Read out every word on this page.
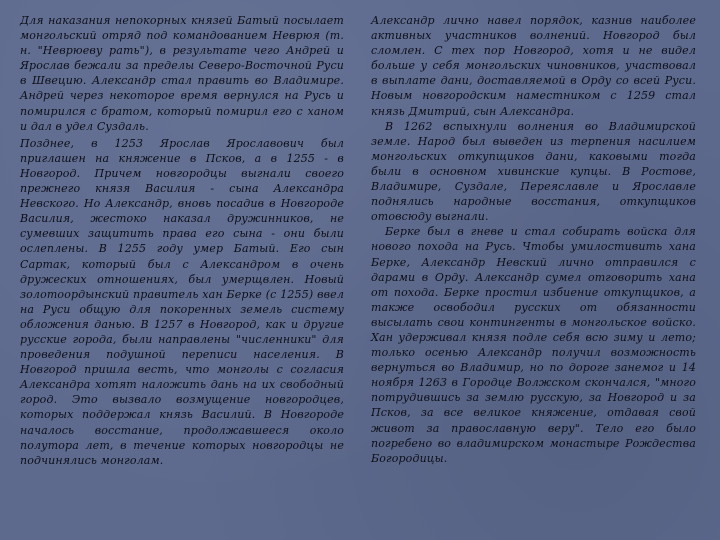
Для наказания непокорных князей Батый посылает монгольский отряд под командованием Неврюя (т. н. "Неврюеву рать"), в результате чего Андрей и Ярослав бежали за пределы Северо-Восточной Руси в Швецию. Александр стал править во Владимире. Андрей через некоторое время вернулся на Русь и помирился с братом, который помирил его с ханом и дал в удел Суздаль.

Позднее, в 1253 Ярослав Ярославович был приглашен на княжение в Псков, а в 1255 - в Новгород. Причем новгородцы выгнали своего прежнего князя Василия - сына Александра Невского. Но Александр, вновь посадив в Новгороде Василия, жестоко наказал дружинников, не сумевших защитить права его сына - они были ослеплены. В 1255 году умер Батый. Его сын Сартак, который был с Александром в очень дружеских отношениях, был умерщвлен. Новый золотоордынский правитель хан Берке (с 1255) ввел на Руси общую для покоренных земель систему обложения данью. В 1257 в Новгород, как и другие русские города, были направлены "численники" для проведения подушной переписи населения. В Новгород пришла весть, что монголы с согласия Александра хотят наложить дань на их свободный город. Это вызвало возмущение новгородцев, которых поддержал князь Василий. В Новгороде началось восстание, продолжавшееся около полутора лет, в течение которых новгородцы не подчинялись монголам.

Александр лично навел порядок, казнив наиболее активных участников волнений. Новгород был сломлен. С тех пор Новгород, хотя и не видел больше у себя монгольских чиновников, участвовал в выплате дани, доставляемой в Орду со всей Руси. Новым новгородским наместником с 1259 стал князь Дмитрий, сын Александра.

В 1262 вспыхнули волнения во Владимирской земле. Народ был выведен из терпения насилием монгольских откупщиков дани, каковыми тогда были в основном хивинские купцы. В Ростове, Владимире, Суздале, Переяславле и Ярославле поднялись народные восстания, откупщиков отовсюду выгнали.

Берке был в гневе и стал собирать войска для нового похода на Русь. Чтобы умилостивить хана Берке, Александр Невский лично отправился с дарами в Орду. Александр сумел отговорить хана от похода. Берке простил избиение откупщиков, а также освободил русских от обязанности высылать свои контингенты в монгольское войско. Хан удерживал князя подле себя всю зиму и лето; только осенью Александр получил возможность вернуться во Владимир, но по дороге занемог и 14 ноября 1263 в Городце Волжском скончался, "много потрудившись за землю русскую, за Новгород и за Псков, за все великое княжение, отдавая свой живот за православную веру". Тело его было погребено во владимирском монастыре Рождества Богородицы.
